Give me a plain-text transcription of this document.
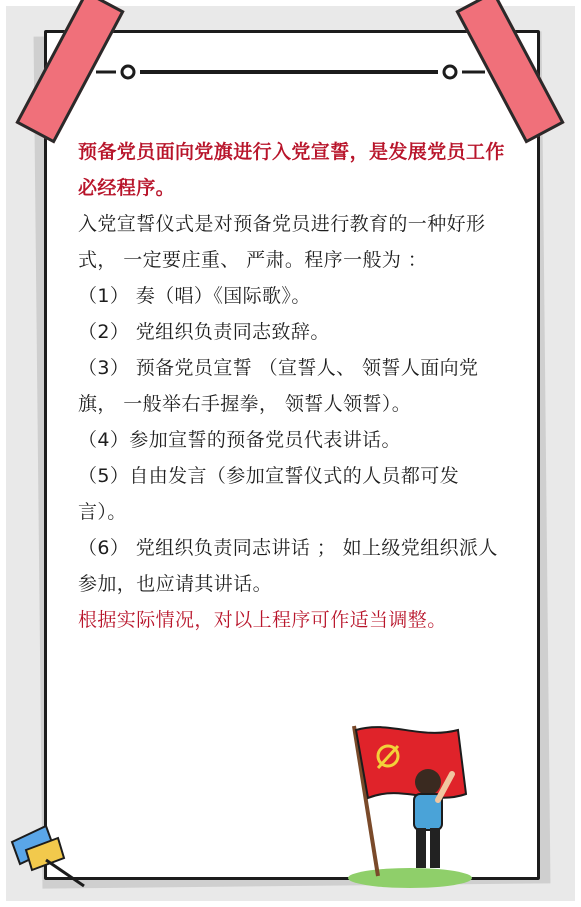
预备党员面向党旗进行入党宣誓，是发展党员工作必经程序。

入党宣誓仪式是对预备党员进行教育的一种好形式， 一定要庄重、 严肃。程序一般为 ：

（1） 奏（唱）《国际歌》。

（2） 党组织负责同志致辞。

（3） 预备党员宣誓 （宣誓人、 领誓人面向党旗， 一般举右手握拳， 领誓人领誓）。

（4）参加宣誓的预备党员代表讲话。

（5）自由发言（参加宣誓仪式的人员都可发言）。

（6） 党组织负责同志讲话 ； 如上级党组织派人参加，也应请其讲话。

根据实际情况，对以上程序可作适当调整。
